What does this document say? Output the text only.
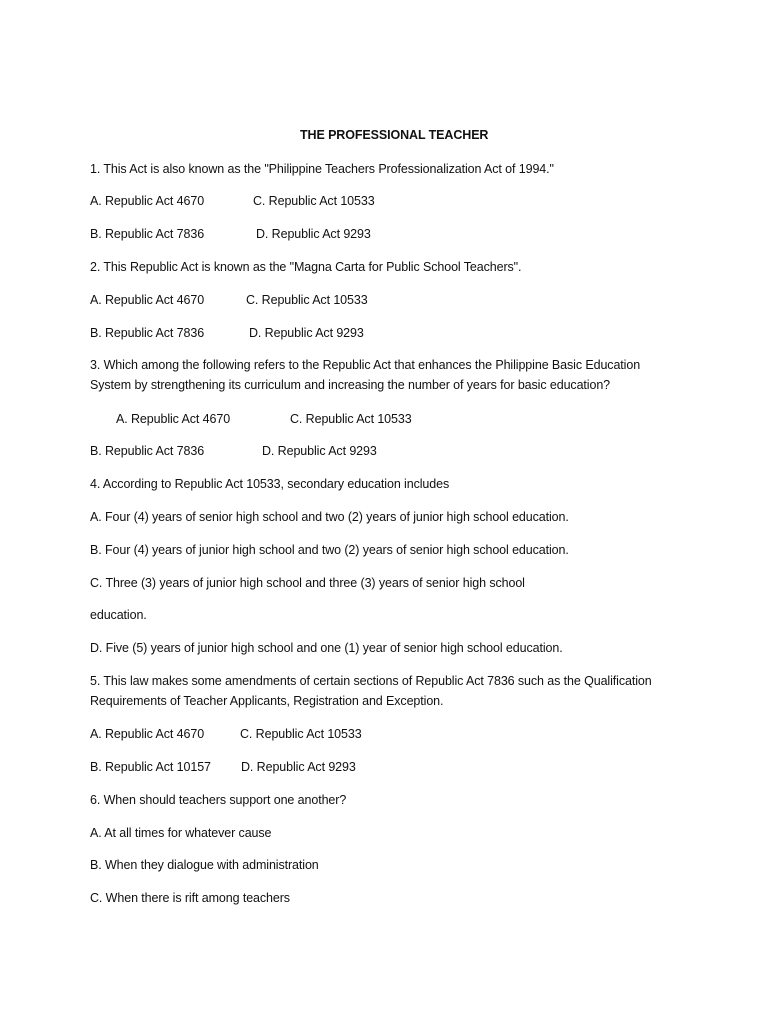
THE PROFESSIONAL TEACHER
1. This Act is also known as the "Philippine Teachers Professionalization Act of 1994."
A. Republic Act 4670	C. Republic Act 10533
B. Republic Act 7836	D. Republic Act 9293
2. This Republic Act is known as the "Magna Carta for Public School Teachers".
A. Republic Act 4670	C. Republic Act 10533
B. Republic Act 7836	D. Republic Act 9293
3. Which among the following refers to the Republic Act that enhances the Philippine Basic Education System by strengthening its curriculum and increasing the number of years for basic education?
A. Republic Act 4670	C. Republic Act 10533
B. Republic Act 7836	D. Republic Act 9293
4. According to Republic Act 10533, secondary education includes
A. Four (4) years of senior high school and two (2) years of junior high school education.
B. Four (4) years of junior high school and two (2) years of senior high school education.
C. Three (3) years of junior high school and three (3) years of senior high school
education.
D. Five (5) years of junior high school and one (1) year of senior high school education.
5. This law makes some amendments of certain sections of Republic Act 7836 such as the Qualification Requirements of Teacher Applicants, Registration and Exception.
A. Republic Act 4670	C. Republic Act 10533
B. Republic Act 10157 D. Republic Act 9293
6. When should teachers support one another?
A. At all times for whatever cause
B. When they dialogue with administration
C. When there is rift among teachers
